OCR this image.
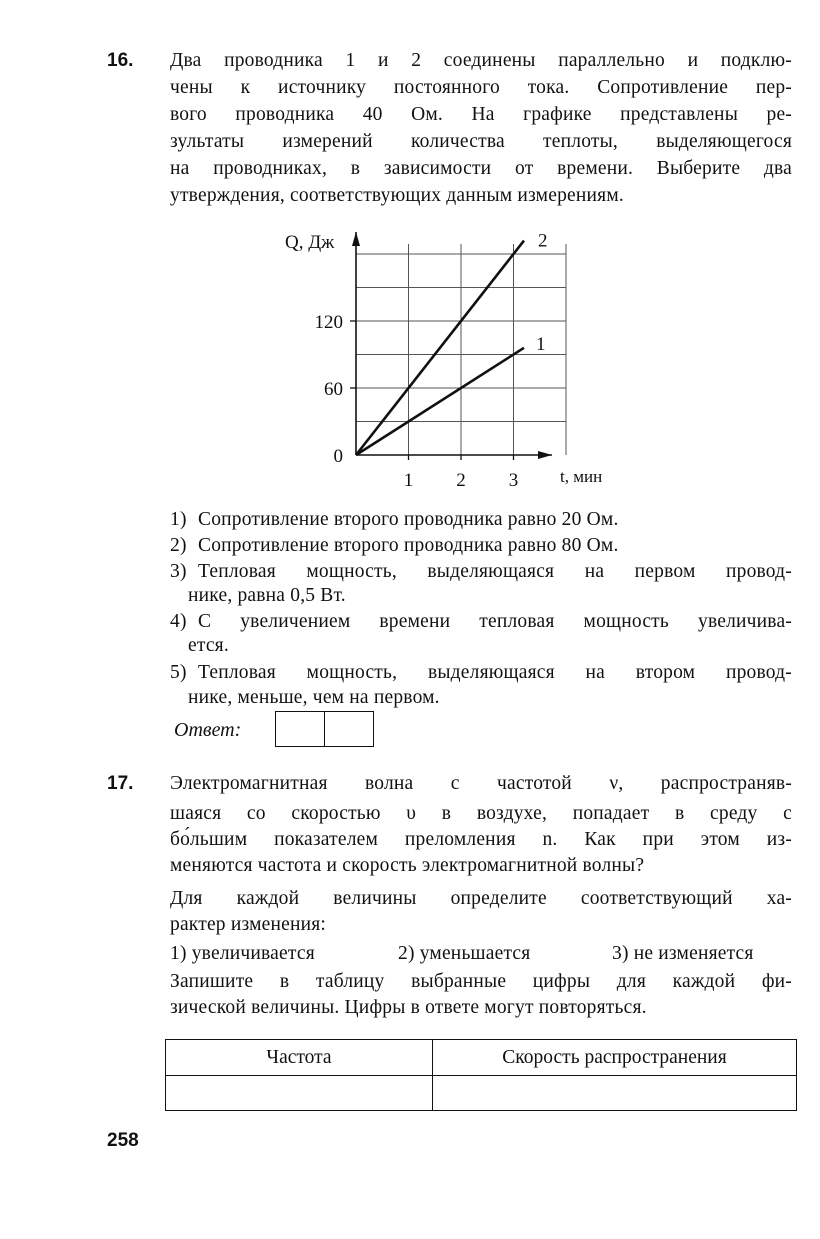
16. Два проводника 1 и 2 соединены параллельно и подклю-
чены к источнику постоянного тока. Сопротивление пер-
вого проводника 40 Ом. На графике представлены ре-
зультаты измерений количества теплоты, выделяющегося
на проводниках, в зависимости от времени. Выберите два
утверждения, соответствующих данным измерениям.
1 2 3
0
60
120
Q, Дж
t, мин
1
2
1) Сопротивление второго проводника равно 20 Ом.
2) Сопротивление второго проводника равно 80 Ом.
3) Тепловая мощность, выделяющаяся на первом провод-
нике, равна 0,5 Вт.
4) С увеличением времени тепловая мощность увеличива-
ется.
5) Тепловая мощность, выделяющаяся на втором провод-
нике, меньше, чем на первом.
Ответ:
17. Электромагнитная волна с частотой ν, распространяв-
шаяся со скоростью υ в воздухе, попадает в среду с
бо́льшим показателем преломления n. Как при этом из-
меняются частота и скорость электромагнитной волны?
Для каждой величины определите соответствующий ха-
рактер изменения:
1) увеличивается	2) уменьшается	3) не изменяется
Запишите в таблицу выбранные цифры для каждой фи-
зической величины. Цифры в ответе могут повторяться.
Частота	Скорость распространения

258
